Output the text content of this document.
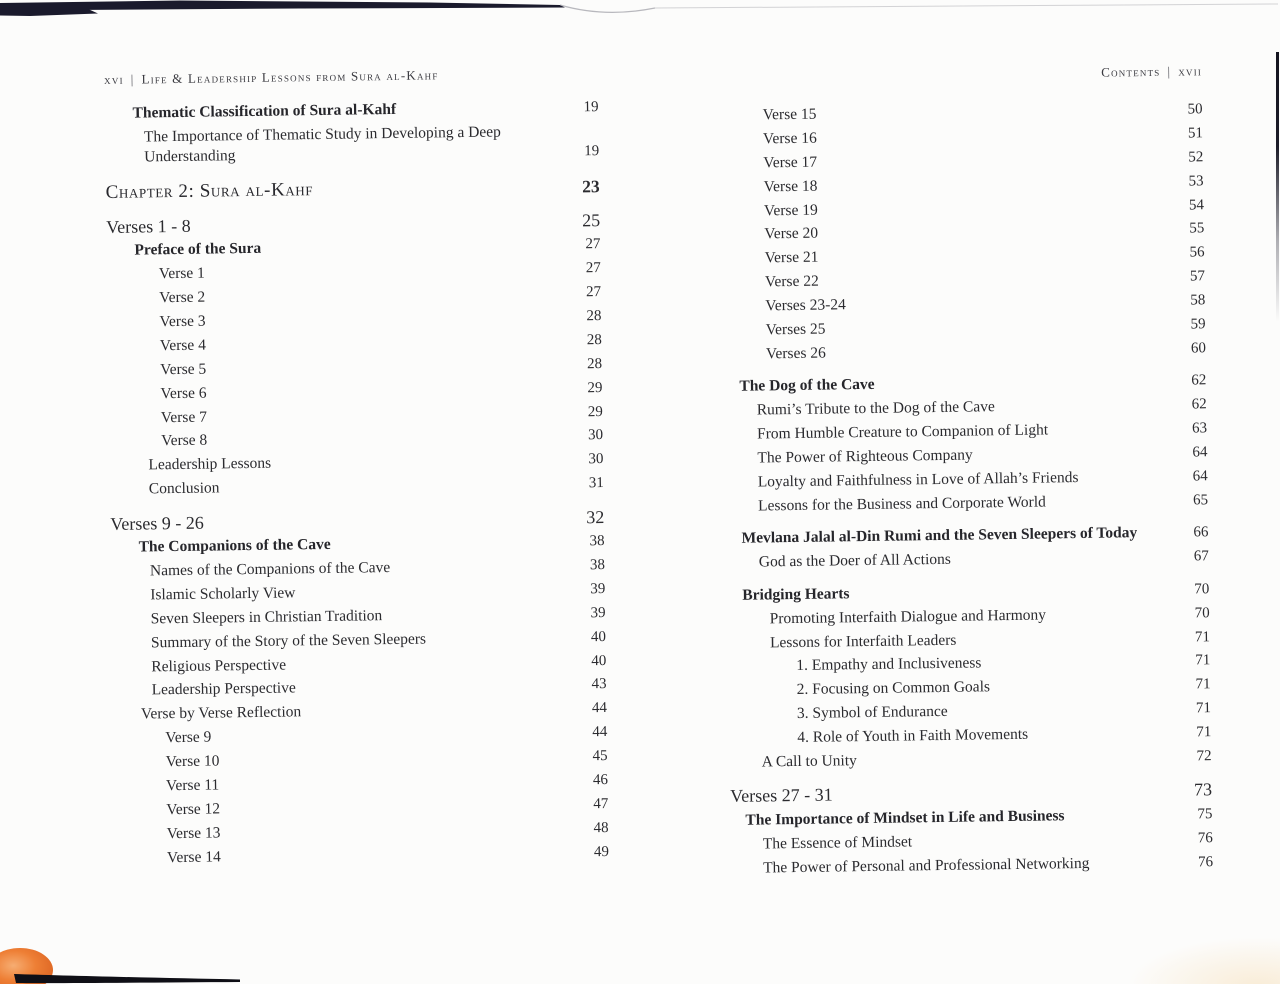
xvi | Life & Leadership Lessons from Sura al-Kahf
Thematic Classification of Sura al-Kahf	19
The Importance of Thematic Study in Developing a Deep Understanding	19
Chapter 2: Sura al-Kahf	23
Verses 1 - 8	25
Preface of the Sura	27
Verse 1	27
Verse 2	27
Verse 3	28
Verse 4	28
Verse 5	28
Verse 6	29
Verse 7	29
Verse 8	30
Leadership Lessons	30
Conclusion	31
Verses 9 - 26	32
The Companions of the Cave	38
Names of the Companions of the Cave	38
Islamic Scholarly View	39
Seven Sleepers in Christian Tradition	39
Summary of the Story of the Seven Sleepers	40
Religious Perspective	40
Leadership Perspective	43
Verse by Verse Reflection	44
Verse 9	44
Verse 10	45
Verse 11	46
Verse 12	47
Verse 13	48
Verse 14	49
Contents | xvii
Verse 15	50
Verse 16	51
Verse 17	52
Verse 18	53
Verse 19	54
Verse 20	55
Verse 21	56
Verse 22	57
Verses 23-24	58
Verses 25	59
Verses 26	60
The Dog of the Cave	62
Rumi’s Tribute to the Dog of the Cave	62
From Humble Creature to Companion of Light	63
The Power of Righteous Company	64
Loyalty and Faithfulness in Love of Allah’s Friends	64
Lessons for the Business and Corporate World	65
Mevlana Jalal al-Din Rumi and the Seven Sleepers of Today	66
God as the Doer of All Actions	67
Bridging Hearts	70
Promoting Interfaith Dialogue and Harmony	70
Lessons for Interfaith Leaders	71
1. Empathy and Inclusiveness	71
2. Focusing on Common Goals	71
3. Symbol of Endurance	71
4. Role of Youth in Faith Movements	71
A Call to Unity	72
Verses 27 - 31	73
The Importance of Mindset in Life and Business	75
The Essence of Mindset	76
The Power of Personal and Professional Networking	76
